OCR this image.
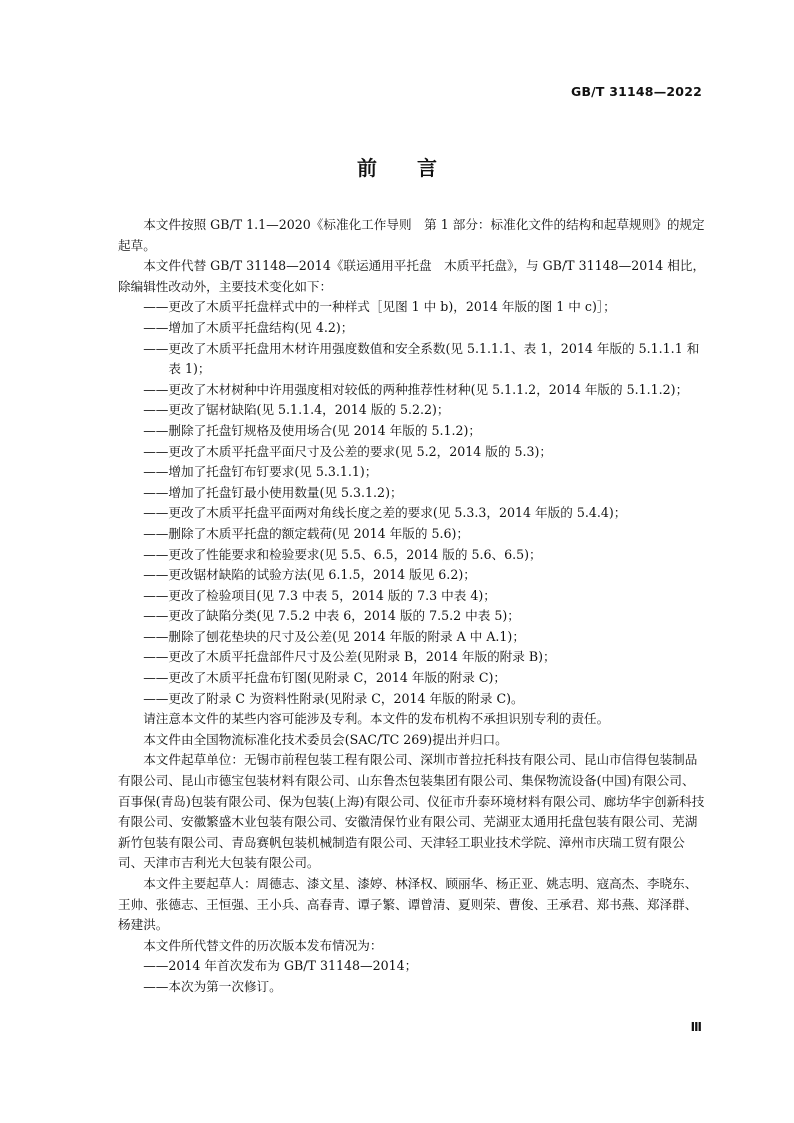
GB/T 31148—2022
前 言

本文件按照 GB/T 1.1—2020《标准化工作导则　第 1 部分：标准化文件的结构和起草规则》的规定起草。

本文件代替 GB/T 31148—2014《联运通用平托盘　木质平托盘》，与 GB/T 31148—2014 相比，除编辑性改动外，主要技术变化如下：

——更改了木质平托盘样式中的一种样式［见图 1 中 b)，2014 年版的图 1 中 c)］；

——增加了木质平托盘结构(见 4.2)；

——更改了木质平托盘用木材许用强度数值和安全系数(见 5.1.1.1、表 1，2014 年版的 5.1.1.1 和表 1)；

——更改了木材树种中许用强度相对较低的两种推荐性材种(见 5.1.1.2，2014 年版的 5.1.1.2)；

——更改了锯材缺陷(见 5.1.1.4，2014 版的 5.2.2)；

——删除了托盘钉规格及使用场合(见 2014 年版的 5.1.2)；

——更改了木质平托盘平面尺寸及公差的要求(见 5.2，2014 版的 5.3)；

——增加了托盘钉布钉要求(见 5.3.1.1)；

——增加了托盘钉最小使用数量(见 5.3.1.2)；

——更改了木质平托盘平面两对角线长度之差的要求(见 5.3.3，2014 年版的 5.4.4)；

——删除了木质平托盘的额定载荷(见 2014 年版的 5.6)；

——更改了性能要求和检验要求(见 5.5、6.5，2014 版的 5.6、6.5)；

——更改锯材缺陷的试验方法(见 6.1.5，2014 版见 6.2)；

——更改了检验项目(见 7.3 中表 5，2014 版的 7.3 中表 4)；

——更改了缺陷分类(见 7.5.2 中表 6，2014 版的 7.5.2 中表 5)；

——删除了刨花垫块的尺寸及公差(见 2014 年版的附录 A 中 A.1)；

——更改了木质平托盘部件尺寸及公差(见附录 B，2014 年版的附录 B)；

——更改了木质平托盘布钉图(见附录 C，2014 年版的附录 C)；

——更改了附录 C 为资料性附录(见附录 C，2014 年版的附录 C)。

请注意本文件的某些内容可能涉及专利。本文件的发布机构不承担识别专利的责任。

本文件由全国物流标准化技术委员会(SAC/TC 269)提出并归口。

本文件起草单位：无锡市前程包装工程有限公司、深圳市普拉托科技有限公司、昆山市信得包装制品有限公司、昆山市德宝包装材料有限公司、山东鲁杰包装集团有限公司、集保物流设备(中国)有限公司、百事保(青岛)包装有限公司、保为包装(上海)有限公司、仪征市升泰环境材料有限公司、廊坊华宇创新科技有限公司、安徽繁盛木业包装有限公司、安徽清保竹业有限公司、芜湖亚太通用托盘包装有限公司、芜湖新竹包装有限公司、青岛赛帆包装机械制造有限公司、天津轻工职业技术学院、漳州市庆瑞工贸有限公司、天津市吉利光大包装有限公司。

本文件主要起草人：周德志、漆文星、漆婷、林泽权、顾丽华、杨正亚、姚志明、寇高杰、李晓东、王帅、张德志、王恒强、王小兵、高春青、谭子繁、谭曾清、夏则荣、曹俊、王承君、郑书燕、郑泽群、杨建洪。

本文件所代替文件的历次版本发布情况为：

——2014 年首次发布为 GB/T 31148—2014；

——本次为第一次修订。

Ⅲ
